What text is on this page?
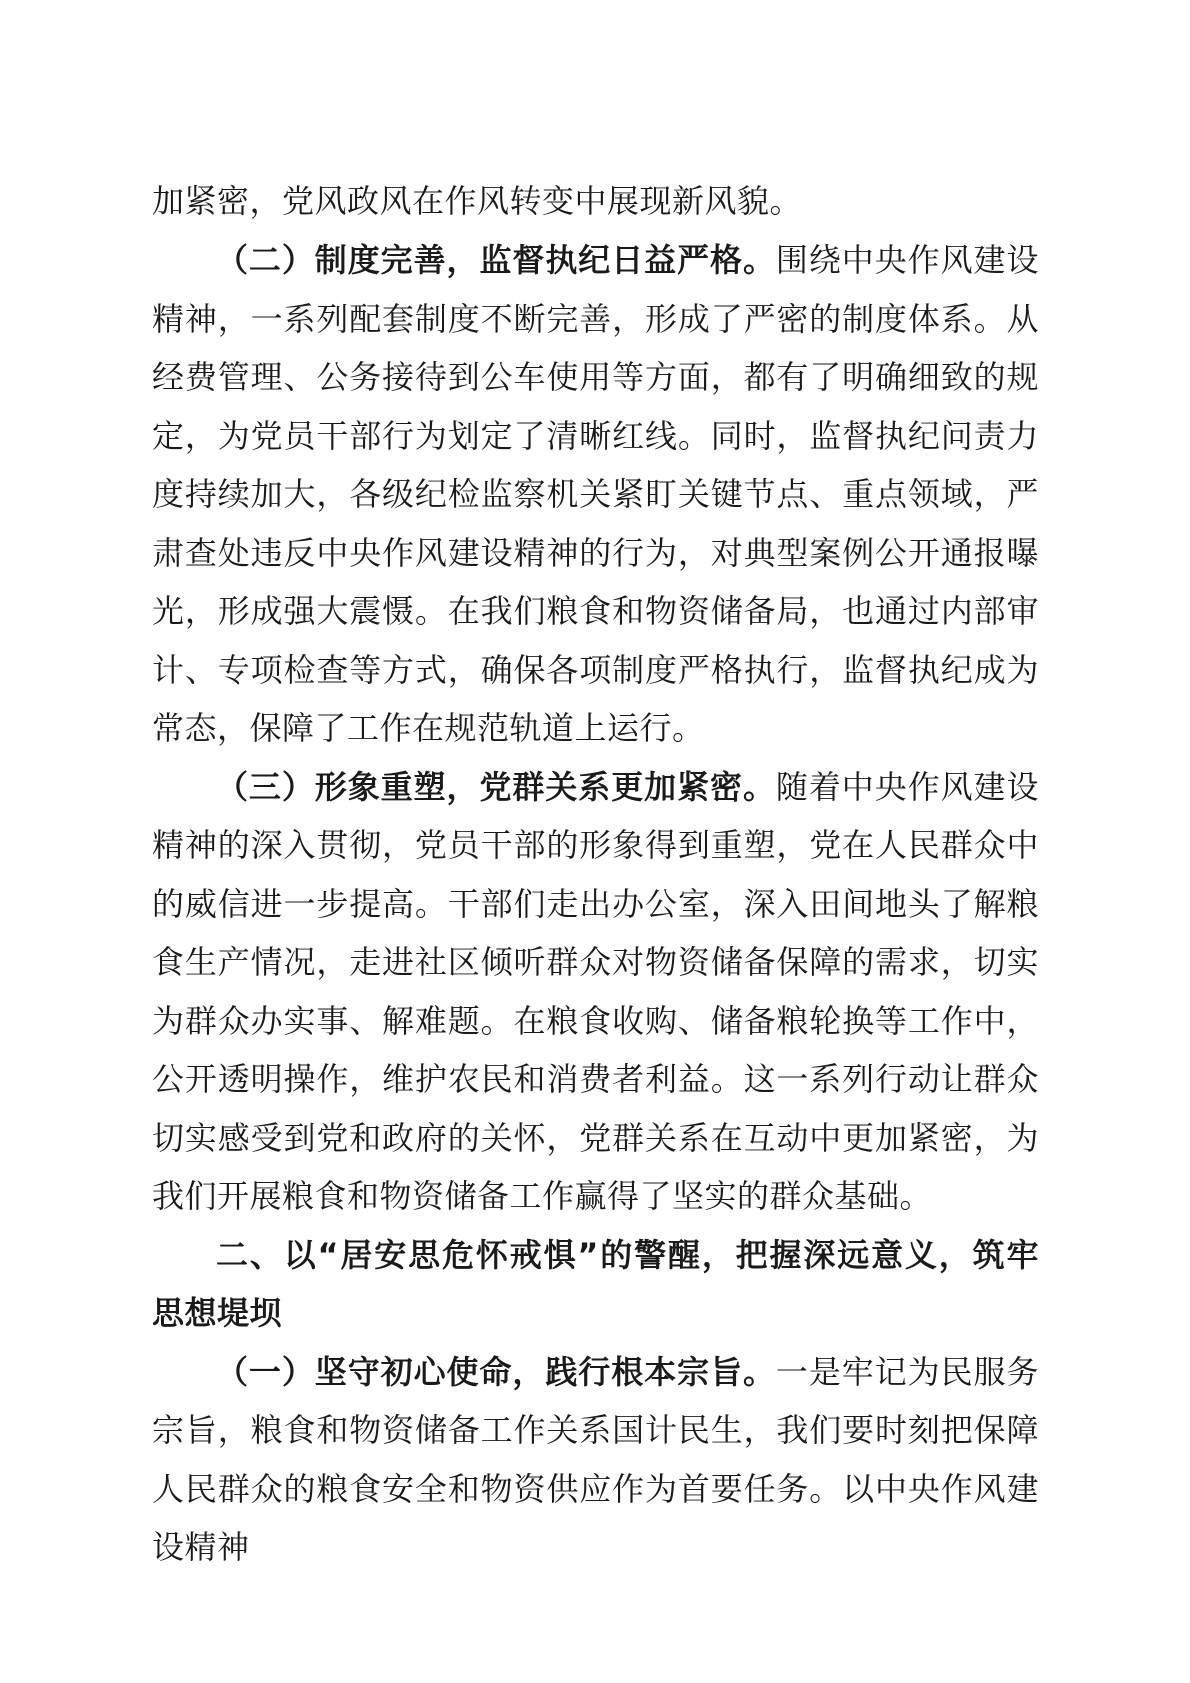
加紧密，党风政风在作风转变中展现新风貌。

（二）制度完善，监督执纪日益严格。围绕中央作风建设精神，一系列配套制度不断完善，形成了严密的制度体系。从经费管理、公务接待到公车使用等方面，都有了明确细致的规定，为党员干部行为划定了清晰红线。同时，监督执纪问责力度持续加大，各级纪检监察机关紧盯关键节点、重点领域，严肃查处违反中央作风建设精神的行为，对典型案例公开通报曝光，形成强大震慑。在我们粮食和物资储备局，也通过内部审计、专项检查等方式，确保各项制度严格执行，监督执纪成为常态，保障了工作在规范轨道上运行。

（三）形象重塑，党群关系更加紧密。随着中央作风建设精神的深入贯彻，党员干部的形象得到重塑，党在人民群众中的威信进一步提高。干部们走出办公室，深入田间地头了解粮食生产情况，走进社区倾听群众对物资储备保障的需求，切实为群众办实事、解难题。在粮食收购、储备粮轮换等工作中，公开透明操作，维护农民和消费者利益。这一系列行动让群众切实感受到党和政府的关怀，党群关系在互动中更加紧密，为我们开展粮食和物资储备工作赢得了坚实的群众基础。

二、以“居安思危怀戒惧”的警醒，把握深远意义，筑牢思想堤坝

（一）坚守初心使命，践行根本宗旨。一是牢记为民服务宗旨，粮食和物资储备工作关系国计民生，我们要时刻把保障人民群众的粮食安全和物资供应作为首要任务。以中央作风建设精神
